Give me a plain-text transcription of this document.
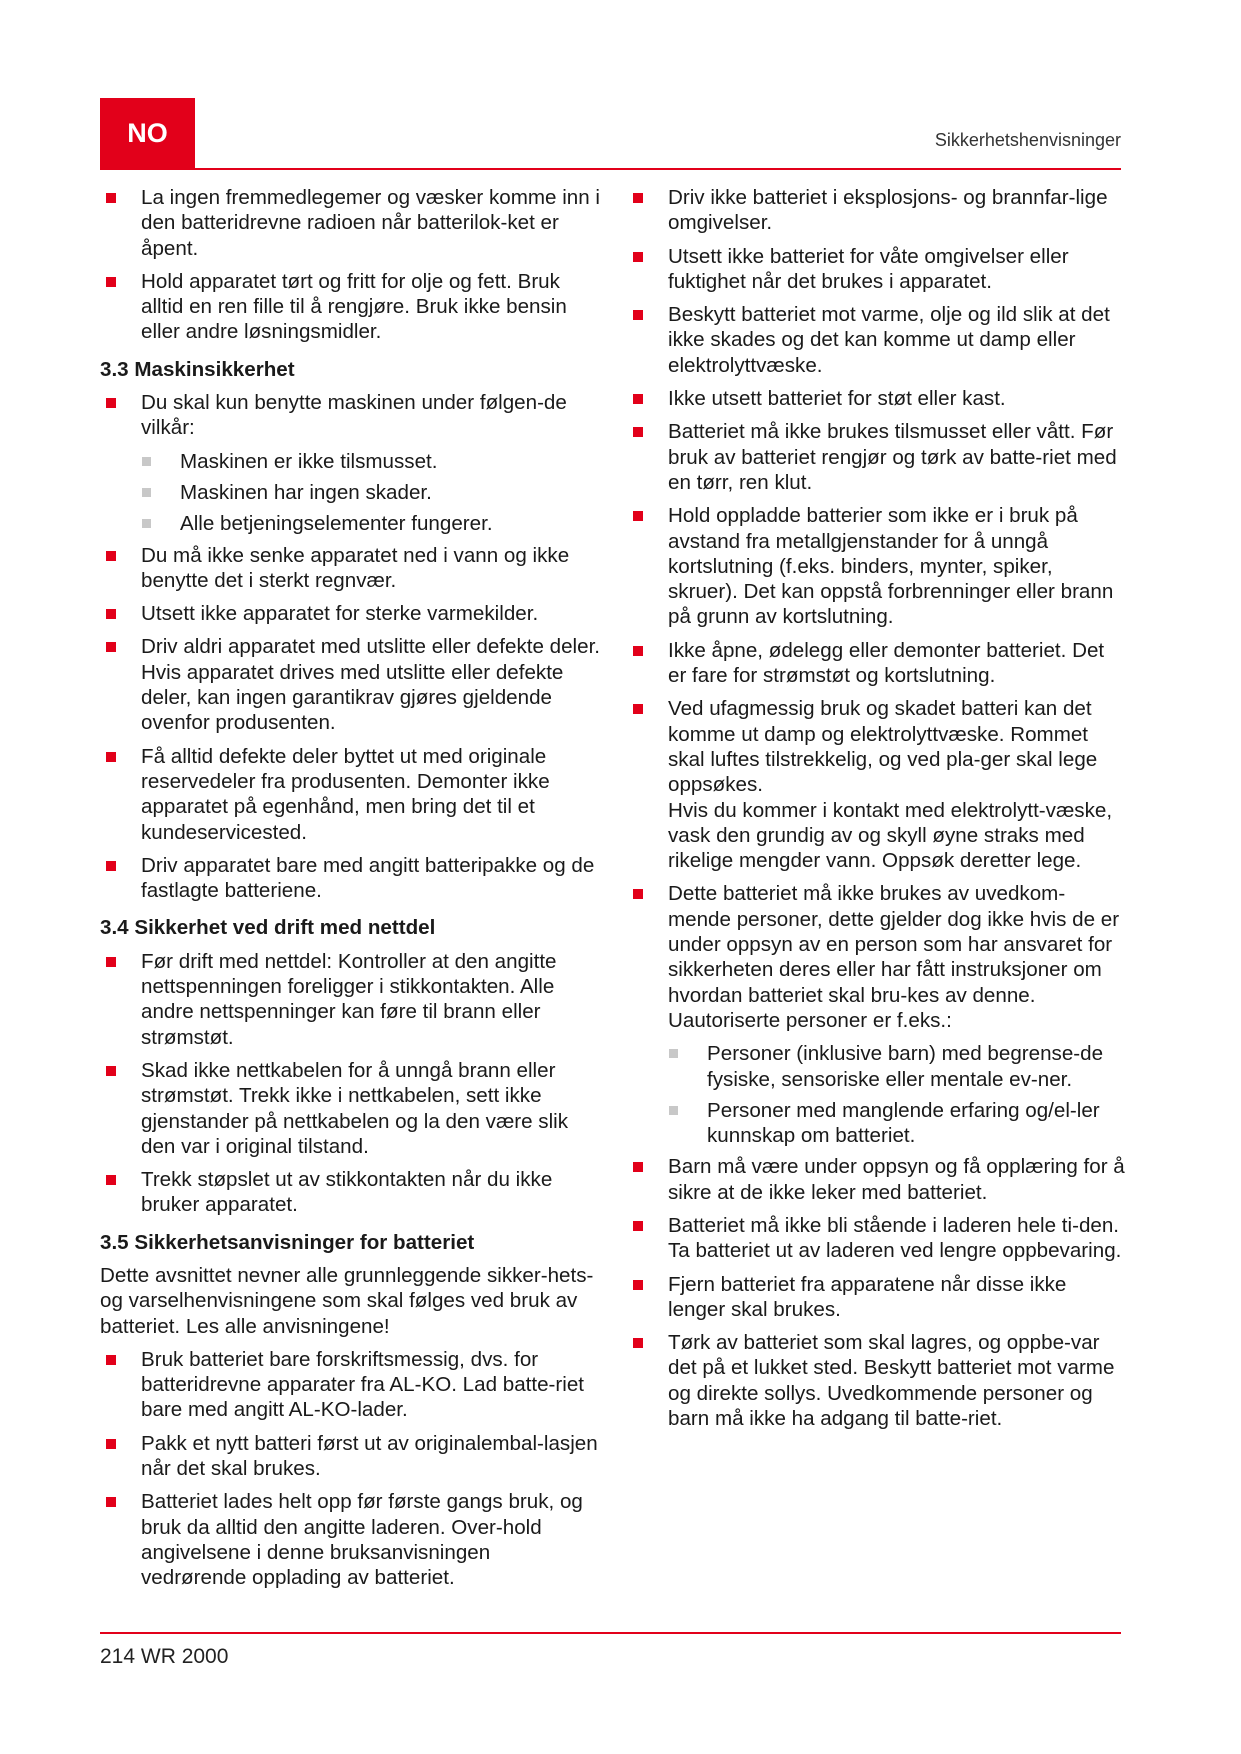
NO	Sikkerhetshenvisninger
La ingen fremmedlegemer og væsker komme inn i den batteridrevne radioen når batterilok-ket er åpent.
Hold apparatet tørt og fritt for olje og fett. Bruk alltid en ren fille til å rengjøre. Bruk ikke bensin eller andre løsningsmidler.
3.3 Maskinsikkerhet
Du skal kun benytte maskinen under følgen-de vilkår:
Maskinen er ikke tilsmusset.
Maskinen har ingen skader.
Alle betjeningselementer fungerer.
Du må ikke senke apparatet ned i vann og ikke benytte det i sterkt regnvær.
Utsett ikke apparatet for sterke varmekilder.
Driv aldri apparatet med utslitte eller defekte deler. Hvis apparatet drives med utslitte eller defekte deler, kan ingen garantikrav gjøres gjeldende ovenfor produsenten.
Få alltid defekte deler byttet ut med originale reservedeler fra produsenten. Demonter ikke apparatet på egenhånd, men bring det til et kundeservicested.
Driv apparatet bare med angitt batteripakke og de fastlagte batteriene.
3.4 Sikkerhet ved drift med nettdel
Før drift med nettdel: Kontroller at den angitte nettspenningen foreligger i stikkontakten. Alle andre nettspenninger kan føre til brann eller strømstøt.
Skad ikke nettkabelen for å unngå brann eller strømstøt. Trekk ikke i nettkabelen, sett ikke gjenstander på nettkabelen og la den være slik den var i original tilstand.
Trekk støpslet ut av stikkontakten når du ikke bruker apparatet.
3.5 Sikkerhetsanvisninger for batteriet
Dette avsnittet nevner alle grunnleggende sikker-hets- og varselhenvisningene som skal følges ved bruk av batteriet. Les alle anvisningene!
Bruk batteriet bare forskriftsmessig, dvs. for batteridrevne apparater fra AL-KO. Lad batte-riet bare med angitt AL-KO-lader.
Pakk et nytt batteri først ut av originalembal-lasjen når det skal brukes.
Batteriet lades helt opp før første gangs bruk, og bruk da alltid den angitte laderen. Over-hold angivelsene i denne bruksanvisningen vedrørende opplading av batteriet.
Driv ikke batteriet i eksplosjons- og brannfar-lige omgivelser.
Utsett ikke batteriet for våte omgivelser eller fuktighet når det brukes i apparatet.
Beskytt batteriet mot varme, olje og ild slik at det ikke skades og det kan komme ut damp eller elektrolyttvæske.
Ikke utsett batteriet for støt eller kast.
Batteriet må ikke brukes tilsmusset eller vått. Før bruk av batteriet rengjør og tørk av batte-riet med en tørr, ren klut.
Hold oppladde batterier som ikke er i bruk på avstand fra metallgjenstander for å unngå kortslutning (f.eks. binders, mynter, spiker, skruer). Det kan oppstå forbrenninger eller brann på grunn av kortslutning.
Ikke åpne, ødelegg eller demonter batteriet. Det er fare for strømstøt og kortslutning.
Ved ufagmessig bruk og skadet batteri kan det komme ut damp og elektrolyttvæske. Rommet skal luftes tilstrekkelig, og ved pla-ger skal lege oppsøkes.
Hvis du kommer i kontakt med elektrolytt-væske, vask den grundig av og skyll øyne straks med rikelige mengder vann. Oppsøk deretter lege.
Dette batteriet må ikke brukes av uvedkom-mende personer, dette gjelder dog ikke hvis de er under oppsyn av en person som har ansvaret for sikkerheten deres eller har fått instruksjoner om hvordan batteriet skal bru-kes av denne. Uautoriserte personer er f.eks.:
Personer (inklusive barn) med begrense-de fysiske, sensoriske eller mentale ev-ner.
Personer med manglende erfaring og/el-ler kunnskap om batteriet.
Barn må være under oppsyn og få opplæring for å sikre at de ikke leker med batteriet.
Batteriet må ikke bli stående i laderen hele ti-den. Ta batteriet ut av laderen ved lengre oppbevaring.
Fjern batteriet fra apparatene når disse ikke lenger skal brukes.
Tørk av batteriet som skal lagres, og oppbe-var det på et lukket sted. Beskytt batteriet mot varme og direkte sollys. Uvedkommende personer og barn må ikke ha adgang til batte-riet.
214 WR 2000
